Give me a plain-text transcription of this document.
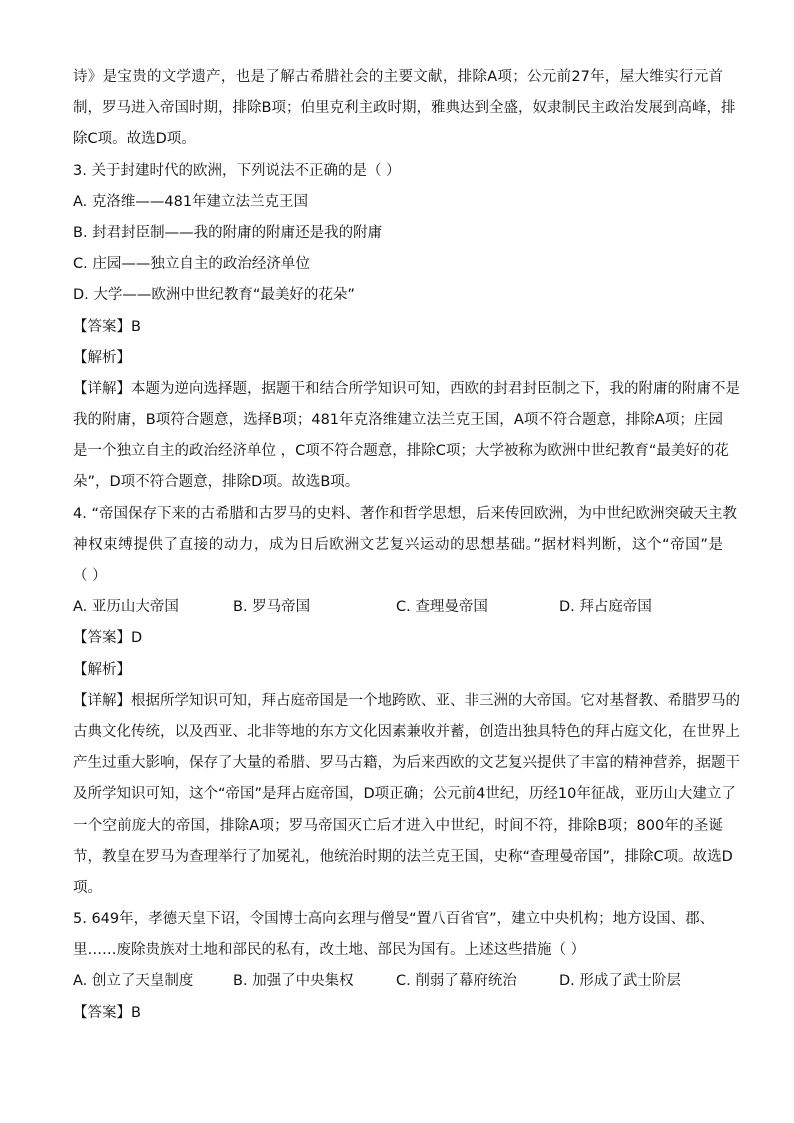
诗》是宝贵的文学遗产，也是了解古希腊社会的主要文献，排除A项；公元前27年，屋大维实行元首
制，罗马进入帝国时期，排除B项；伯里克利主政时期，雅典达到全盛，奴隶制民主政治发展到高峰，排
除C项。故选D项。
3. 关于封建时代的欧洲，下列说法不正确的是（ ）
A. 克洛维——481年建立法兰克王国
B. 封君封臣制——我的附庸的附庸还是我的附庸
C. 庄园——独立自主的政治经济单位
D. 大学——欧洲中世纪教育“最美好的花朵”
【答案】B
【解析】
【详解】本题为逆向选择题，据题干和结合所学知识可知，西欧的封君封臣制之下，我的附庸的附庸不是
我的附庸，B项符合题意，选择B项；481年克洛维建立法兰克王国，A项不符合题意，排除A项；庄园
是一个独立自主的政治经济单位 ，C项不符合题意，排除C项；大学被称为欧洲中世纪教育“最美好的花
朵”，D项不符合题意，排除D项。故选B项。
4. “帝国保存下来的古希腊和古罗马的史料、著作和哲学思想，后来传回欧洲，为中世纪欧洲突破天主教
神权束缚提供了直接的动力，成为日后欧洲文艺复兴运动的思想基础。”据材料判断，这个“帝国”是
（ ）
A. 亚历山大帝国	B. 罗马帝国	C. 查理曼帝国	D. 拜占庭帝国
【答案】D
【解析】
【详解】根据所学知识可知，拜占庭帝国是一个地跨欧、亚、非三洲的大帝国。它对基督教、希腊罗马的
古典文化传统，以及西亚、北非等地的东方文化因素兼收并蓄，创造出独具特色的拜占庭文化，在世界上
产生过重大影响，保存了大量的希腊、罗马古籍，为后来西欧的文艺复兴提供了丰富的精神营养，据题干
及所学知识可知，这个“帝国”是拜占庭帝国，D项正确；公元前4世纪，历经10年征战，亚历山大建立了
一个空前庞大的帝国，排除A项；罗马帝国灭亡后才进入中世纪，时间不符，排除B项；800年的圣诞
节，教皇在罗马为查理举行了加冕礼，他统治时期的法兰克王国，史称“查理曼帝国”，排除C项。故选D
项。
5. 649年，孝德天皇下诏，令国博士高向玄理与僧旻“置八百省官”，建立中央机构；地方设国、郡、
里……废除贵族对土地和部民的私有，改土地、部民为国有。上述这些措施（ ）
A. 创立了天皇制度	B. 加强了中央集权	C. 削弱了幕府统治	D. 形成了武士阶层
【答案】B
